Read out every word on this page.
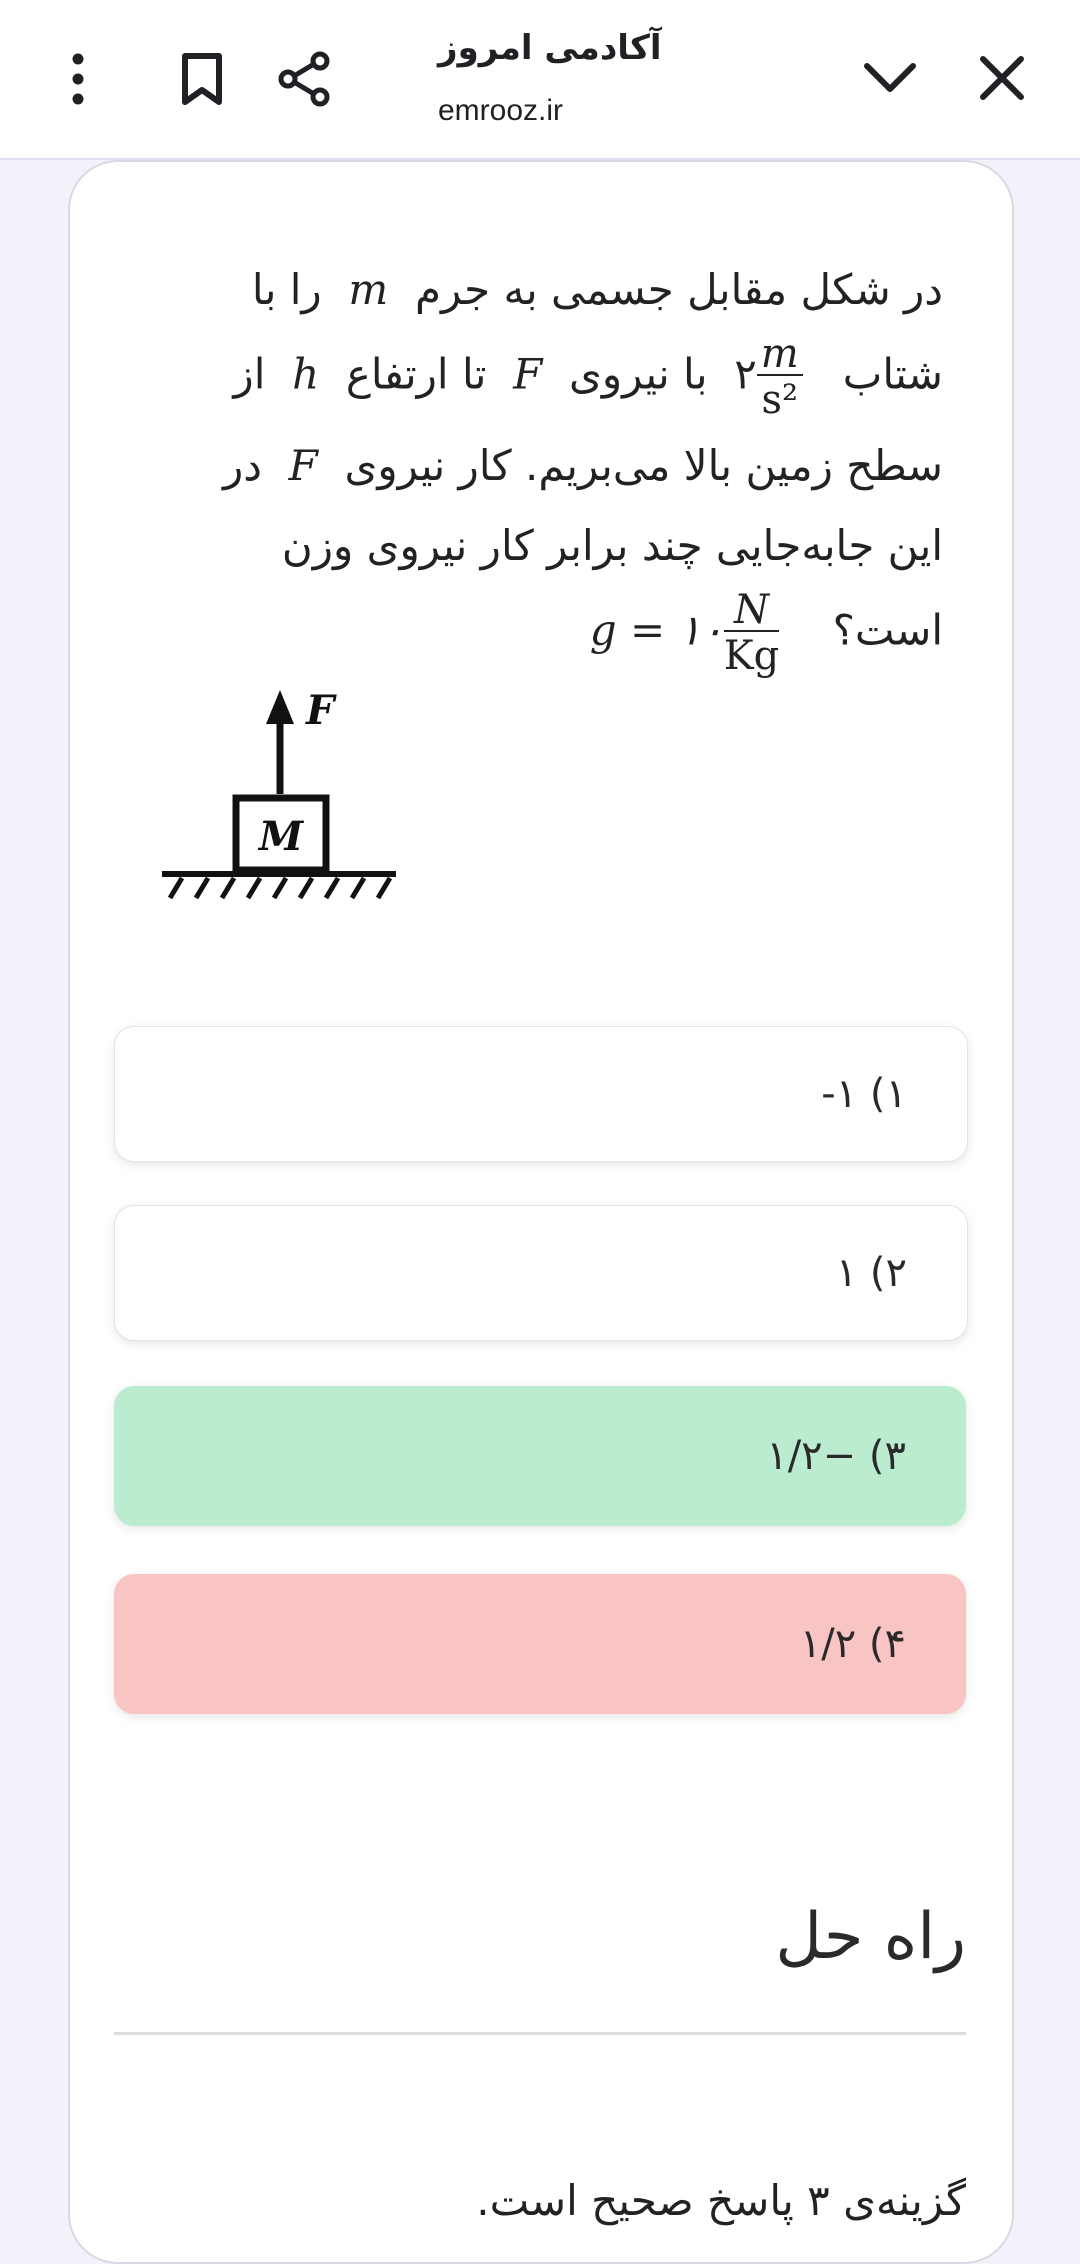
آکادمی امروز
emrooz.ir
در شکل مقابل جسمی به جرم  m  را با
شتاب
$\frac{m}{\text{s²}}$
۲  با نیروی  F  تا ارتفاع  h  از
سطح زمین بالا می‌بریم. کار نیروی  F  در
این جابه‌جایی چند برابر کار نیروی وزن
است؟
$\frac{N}{Kg}$
g = ۱۰
F
M
۱) ۱-
۲) ۱
۳) −۱/۲
۴) ۱/۲
راه حل
گزینه‌ی ۳ پاسخ صحیح است.
